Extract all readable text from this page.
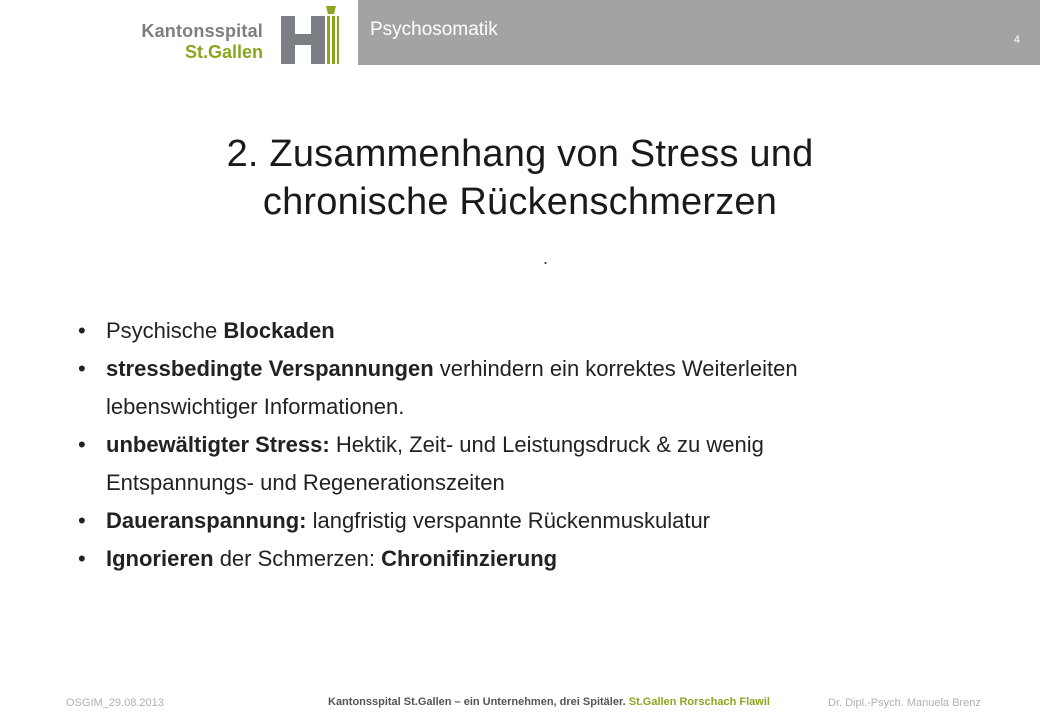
Kantonsspital
St.Gallen
Psychosomatik	4
2. Zusammenhang von Stress und
chronische Rückenschmerzen
.
• Psychische Blockaden
• stressbedingte Verspannungen verhindern ein korrektes Weiterleiten
lebenswichtiger Informationen.
• unbewältigter Stress: Hektik, Zeit- und Leistungsdruck & zu wenig
Entspannungs- und Regenerationszeiten
• Daueranspannung: langfristig verspannte Rückenmuskulatur
• Ignorieren der Schmerzen: Chronifinzierung
OSGIM_29.08.2013	Kantonsspital St.Gallen – ein Unternehmen, drei Spitäler. St.Gallen Rorschach Flawil	Dr. Dipl.-Psych. Manuela Brenz
